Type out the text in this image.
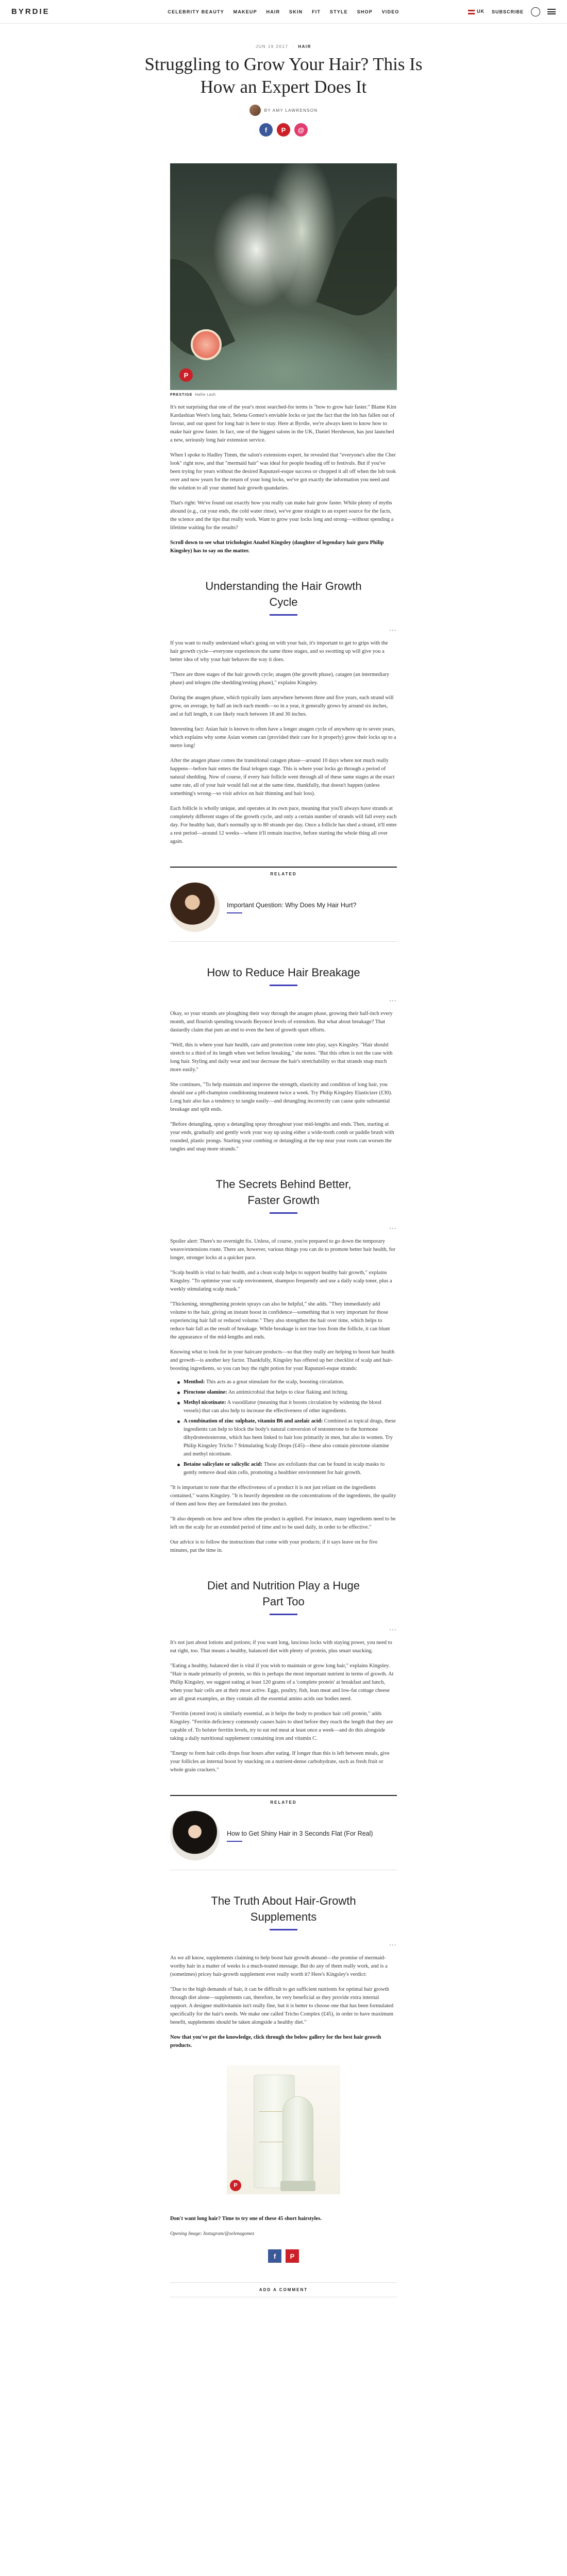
BYRDIE	CELEBRITY BEAUTY MAKEUP HAIR SKIN FIT STYLE SHOP VIDEO	UK SUBSCRIBE
JUN 19 2017  ·  HAIR
Struggling to Grow Your Hair? This Is How an Expert Does It
BY AMY LAWRENSON
f	P	@
P
PRESTIGE Hallie Lash

It's not surprising that one of the year's most searched-for terms is "how to grow hair faster." Blame Kim Kardashian West's long hair, Selena Gomez's enviable locks or just the fact that the lob has fallen out of favour, and our quest for long hair is here to stay. Here at Byrdie, we're always keen to know how to make hair grow faster. In fact, one of the biggest salons in the UK, Daniel Hersheson, has just launched a new, seriously long hair extension service.

When I spoke to Hadley Timm, the salon's extensions expert, he revealed that "everyone's after the Cher look" right now, and that "mermaid hair" was ideal for people heading off to festivals. But if you've been trying for years without the desired Rapunzel-esque success or chopped it all off when the lob took over and now yearn for the return of your long locks, we've got exactly the information you need and the solution to all your stunted hair growth quandaries.

That's right: We've found out exactly how you really can make hair grow faster. While plenty of myths abound (e.g., cut your ends, the cold water rinse), we've gone straight to an expert source for the facts, the science and the tips that really work. Want to grow your locks long and strong—without spending a lifetime waiting for the results?

Scroll down to see what trichologist Anabel Kingsley (daughter of legendary hair guru Philip Kingsley) has to say on the matter.

Understanding the Hair Growth Cycle
•••

If you want to really understand what's going on with your hair, it's important to get to grips with the hair growth cycle—everyone experiences the same three stages, and so swotting up will give you a better idea of why your hair behaves the way it does.

"There are three stages of the hair growth cycle; anagen (the growth phase), catagen (an intermediary phase) and telogen (the shedding/resting phase)," explains Kingsley.

During the anagen phase, which typically lasts anywhere between three and five years, each strand will grow, on average, by half an inch each month—so in a year, it generally grows by around six inches, and at full length, it can likely reach between 18 and 30 inches.

Interesting fact: Asian hair is known to often have a longer anagen cycle of anywhere up to seven years, which explains why some Asian women can (provided their care for it properly) grow their locks up to a metre long!

After the anagen phase comes the transitional catagen phase—around 10 days where not much really happens—before hair enters the final telogen stage. This is where your locks go through a period of natural shedding. Now of course, if every hair follicle went through all of these same stages at the exact same rate, all of your hair would fall out at the same time, thankfully, that doesn't happen (unless something's wrong—so visit advice on hair thinning and hair loss).

Each follicle is wholly unique, and operates at its own pace, meaning that you'll always have strands at completely different stages of the growth cycle, and only a certain number of strands will fall every each day. For healthy hair, that's normally up to 80 strands per day. Once a follicle has shed a strand, it'll enter a rest period—around 12 weeks—where it'll remain inactive, before starting the whole thing all over again.

RELATED
Important Question: Why Does My Hair Hurt?
How to Reduce Hair Breakage
•••

Okay, so your strands are ploughing their way through the anagen phase, growing their half-inch every month, and flourish spending towards Beyoncé levels of extendom. But what about breakage? That dastardly claim that puts an end to even the best of growth spurt efforts.

"Well, this is where your hair health, care and protection come into play, says Kingsley. "Hair should stretch to a third of its length when wet before breaking," she notes. "But this often is not the case with long hair. Styling and daily wear and tear decrease the hair's stretchability so that strands snap much more easily."

She continues, "To help maintain and improve the strength, elasticity and condition of long hair, you should use a pH-champion conditioning treatment twice a week. Try Philip Kingsley Elasticizer (£30). Long hair also has a tendency to tangle easily—and detangling incorrectly can cause quite substantial breakage and split ends.

"Before detangling, spray a detangling spray throughout your mid-lengths and ends. Then, starting at your ends, gradually and gently work your way up using either a wide-tooth comb or paddle brush with rounded, plastic prongs. Starting your combing or detangling at the top near your roots can worsen the tangles and snap more strands."

The Secrets Behind Better, Faster Growth
•••

Spoiler alert: There's no overnight fix. Unless, of course, you're prepared to go down the temporary weave/extensions route. There are, however, various things you can do to promote better hair health, for longer, stronger locks at a quicker pace.

"Scalp health is vital to hair health, and a clean scalp helps to support healthy hair growth," explains Kingsley. "To optimise your scalp environment, shampoo frequently and use a daily scalp toner, plus a weekly stimulating scalp mask."

"Thickening, strengthening protein sprays can also be helpful," she adds. "They immediately add volume to the hair, giving an instant boost in confidence—something that is very important for those experiencing hair fall or reduced volume." They also strengthen the hair over time, which helps to reduce hair fall as the result of breakage. While breakage is not true loss from the follicle, it can blunt the appearance of the mid-lengths and ends.

Knowing what to look for in your haircare products—so that they really are helping to boost hair health and growth—is another key factor. Thankfully, Kingsley has offered up her checklist of scalp and hair-boosting ingredients, so you can buy the right potion for your Rapunzel-esque strands:

Menthol: This acts as a great stimulant for the scalp, boosting circulation.
Piroctone olamine: An antimicrobial that helps to clear flaking and itching.
Methyl nicotinate: A vasodilator (meaning that it boosts circulation by widening the blood vessels) that can also help to increase the effectiveness of other ingredients.
A combination of zinc sulphate, vitamin B6 and azelaic acid: Combined as topical drugs, these ingredients can help to block the body's natural conversion of testosterone to the hormone dihydrotestosterone, which has been linked to hair loss primarily in men, but also in women. Try Philip Kingsley Tricho 7 Stimulating Scalp Drops (£45)—these also contain piroctone olamine and methyl nicotinate.
Betaine salicylate or salicylic acid: These are exfoliants that can be found in scalp masks to gently remove dead skin cells, promoting a healthier environment for hair growth.

"It is important to note that the effectiveness of a product it is not just reliant on the ingredients contained," warns Kingsley. "It is heavily dependent on the concentrations of the ingredients, the quality of them and how they are formulated into the product.

"It also depends on how and how often the product is applied. For instance, many ingredients need to be left on the scalp for an extended period of time and to be used daily, in order to be effective."

Our advice is to follow the instructions that come with your products; if it says leave on for five minutes, put the time in.

Diet and Nutrition Play a Huge Part Too
•••

It's not just about lotions and potions; if you want long, luscious locks with staying power, you need to eat right, too. That means a healthy, balanced diet with plenty of protein, plus smart snacking.

"Eating a healthy, balanced diet is vital if you wish to maintain or grow long hair," explains Kingsley. "Hair is made primarily of protein, so this is perhaps the most important nutrient in terms of growth. At Philip Kingsley, we suggest eating at least 120 grams of a 'complete protein' at breakfast and lunch, when your hair cells are at their most active. Eggs, poultry, fish, lean meat and low-fat cottage cheese are all great examples, as they contain all the essential amino acids our bodies need.

"Ferritin (stored iron) is similarly essential, as it helps the body to produce hair cell protein," adds Kingsley. "Ferritin deficiency commonly causes hairs to shed before they reach the length that they are capable of. To bolster ferritin levels, try to eat red meat at least once a week—and do this alongside taking a daily nutritional supplement containing iron and vitamin C.

"Energy to form hair cells drops four hours after eating. If longer than this is left between meals, give your follicles an internal boost by snacking on a nutrient-dense carbohydrate, such as fresh fruit or whole grain crackers."

RELATED
How to Get Shiny Hair in 3 Seconds Flat (For Real)
The Truth About Hair-Growth Supplements
•••

As we all know, supplements claiming to help boost hair growth abound—the promise of mermaid-worthy hair in a matter of weeks is a much-touted message. But do any of them really work, and is a (sometimes) pricey hair-growth supplement ever really worth it? Here's Kingsley's verdict:

"Due to the high demands of hair, it can be difficult to get sufficient nutrients for optimal hair growth through diet alone—supplements can, therefore, be very beneficial as they provide extra internal support. A designer multivitamin isn't really fine, but it is better to choose one that has been formulated specifically for the hair's needs. We make one called Tricho Complex (£45), in order to have maximum benefit, supplements should be taken alongside a healthy diet."

Now that you've got the knowledge, click through the below gallery for the best hair growth products.

P

Don't want long hair? Time to try one of these 45 short hairstyles.

Opening Image: Instagram/@selenagomez

f	P
ADD A COMMENT
